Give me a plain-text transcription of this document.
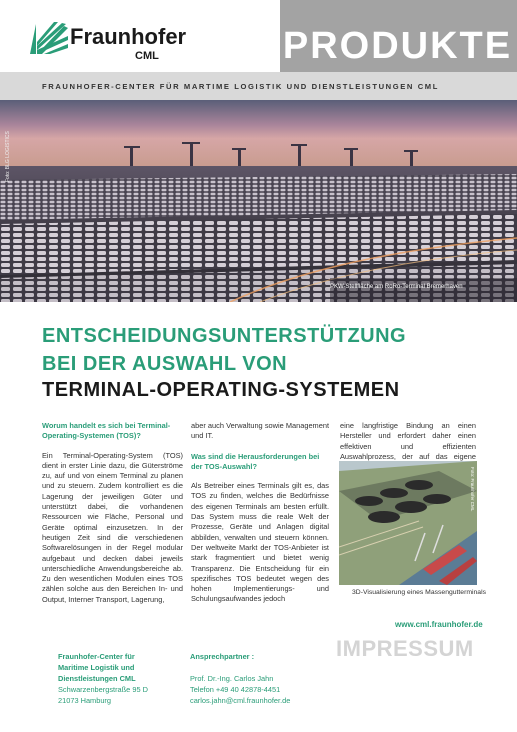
Fraunhofer
CML	PRODUKTE
FRAUNHOFER-CENTER FÜR MARTIME LOGISTIK UND DIENSTLEISTUNGEN CML
Foto: BLG LOGISTICS
PKW-Stellfläche am RoRo-Terminal Bremerhaven
ENTSCHEIDUNGSUNTERSTÜTZUNG
BEI DER AUSWAHL VON
TERMINAL-OPERATING-SYSTEMEN
Worum handelt es sich bei Terminal-Operating-Systemen (TOS)?

Ein Terminal-Operating-System (TOS) dient in erster Linie dazu, die Güterströme zu, auf und von einem Terminal zu planen und zu steuern. Zudem kontrolliert es die Lagerung der jeweiligen Güter und unterstützt dabei, die vorhandenen Ressourcen wie Fläche, Personal und Geräte optimal einzusetzen. In der heutigen Zeit sind die verschiedenen Softwarelösungen in der Regel modular aufgebaut und decken dabei jeweils unterschiedliche Anwendungsbereiche ab. Zu den wesentlichen Modulen eines TOS zählen solche aus den Bereichen In- und Output, Interner Transport, Lagerung,

aber auch Verwaltung sowie Management und IT.

Was sind die Herausforderungen bei der TOS-Auswahl?

Als Betreiber eines Terminals gilt es, das TOS zu finden, welches die Bedürfnisse des eigenen Terminals am besten erfüllt. Das System muss die reale Welt der Prozesse, Geräte und Anlagen digital abbilden, verwalten und steuern können. Der weltweite Markt der TOS-Anbieter ist stark fragmentiert und bietet wenig Transparenz. Die Entscheidung für ein spezifisches TOS bedeutet wegen des hohen Implementierungs- und Schulungsaufwandes jedoch

eine langfristige Bindung an einen Hersteller und erfordert daher einen effektiven und effizienten Auswahlprozess, der auf das eigene

Foto: Fraunhofer CML
3D-Visualisierung eines Massengutterminals
www.cml.fraunhofer.de
IMPRESSUM
Fraunhofer-Center für
Maritime Logistik und
Dienstleistungen CML
Schwarzenbergstraße 95 D
21073 Hamburg
Ansprechpartner :

Prof. Dr.-Ing. Carlos Jahn
Telefon +49 40 42878-4451
carlos.jahn@cml.fraunhofer.de
